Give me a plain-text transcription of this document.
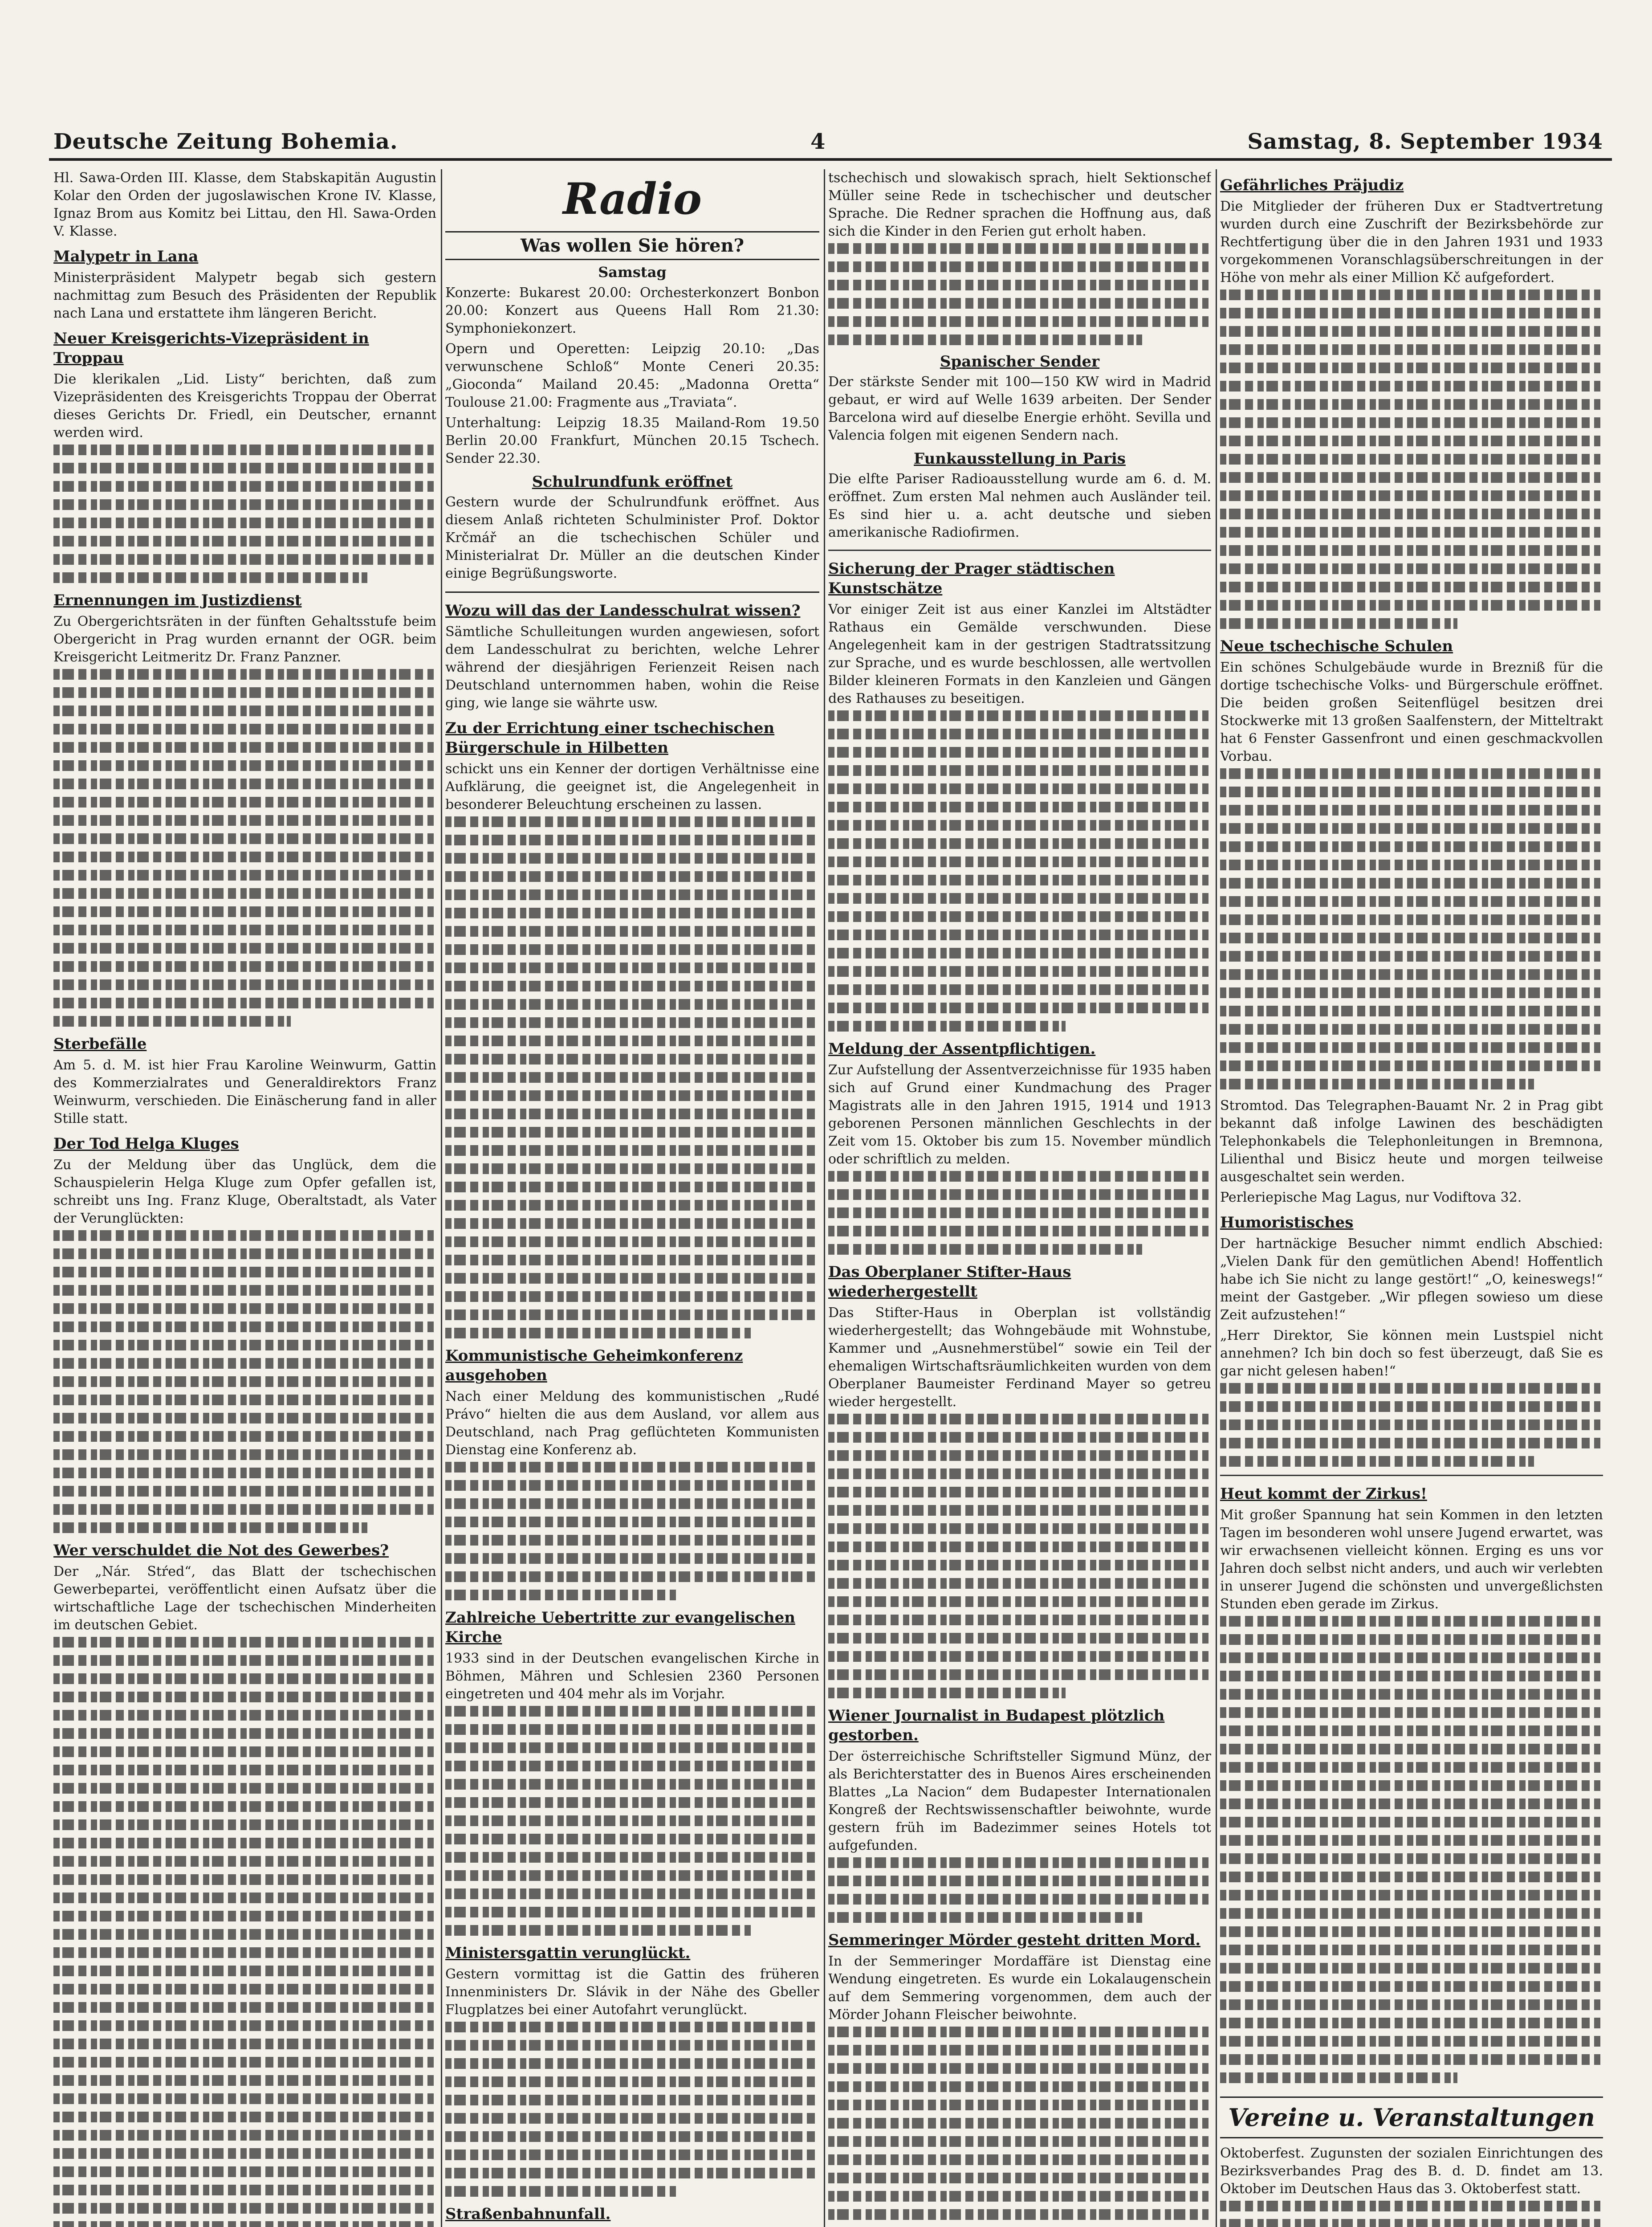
Deutsche Zeitung Bohemia.	4	Samstag, 8. September 1934

Hl. Sawa-Orden III. Klasse, dem Stabskapitän Augustin Kolar den Orden der jugoslawischen Krone IV. Klasse, Ignaz Brom aus Komitz bei Littau, den Hl. Sawa-Orden V. Klasse.

Malypetr in Lana

Ministerpräsident Malypetr begab sich gestern nachmittag zum Besuch des Präsidenten der Republik nach Lana und erstattete ihm längeren Bericht.

Neuer Kreisgerichts-Vizepräsident in Troppau

Die klerikalen „Lid. Listy“ berichten, daß zum Vizepräsidenten des Kreisgerichts Troppau der Oberrat dieses Gerichts Dr. Friedl, ein Deutscher, ernannt werden wird.

Ernennungen im Justizdienst

Zu Obergerichtsräten in der fünften Gehaltsstufe beim Obergericht in Prag wurden ernannt der OGR. beim Kreisgericht Leitmeritz Dr. Franz Panzner.

Sterbefälle

Am 5. d. M. ist hier Frau Karoline Weinwurm, Gattin des Kommerzialrates und Generaldirektors Franz Weinwurm, verschieden. Die Einäscherung fand in aller Stille statt.

Der Tod Helga Kluges

Zu der Meldung über das Unglück, dem die Schauspielerin Helga Kluge zum Opfer gefallen ist, schreibt uns Ing. Franz Kluge, Oberaltstadt, als Vater der Verunglückten:

Wer verschuldet die Not des Gewerbes?

Der „Nár. Stŕed“, das Blatt der tschechischen Gewerbepartei, veröffentlicht einen Aufsatz über die wirtschaftliche Lage der tschechischen Minderheiten im deutschen Gebiet.

Radio
Was wollen Sie hören?
Samstag

Konzerte: Bukarest 20.00: Orchesterkonzert Bonbon 20.00: Konzert aus Queens Hall Rom 21.30: Symphoniekonzert.

Opern und Operetten: Leipzig 20.10: „Das verwunschene Schloß“ Monte Ceneri 20.35: „Gioconda“ Mailand 20.45: „Madonna Oretta“ Toulouse 21.00: Fragmente aus „Traviata“.

Unterhaltung: Leipzig 18.35 Mailand-Rom 19.50 Berlin 20.00 Frankfurt, München 20.15 Tschech. Sender 22.30.

Schulrundfunk eröffnet

Gestern wurde der Schulrundfunk eröffnet. Aus diesem Anlaß richteten Schulminister Prof. Doktor Krčmář an die tschechischen Schüler und Ministerialrat Dr. Müller an die deutschen Kinder einige Begrüßungsworte.

Wozu will das der Landesschulrat wissen?

Sämtliche Schulleitungen wurden angewiesen, sofort dem Landesschulrat zu berichten, welche Lehrer während der diesjährigen Ferienzeit Reisen nach Deutschland unternommen haben, wohin die Reise ging, wie lange sie währte usw.

Zu der Errichtung einer tschechischen Bürgerschule in Hilbetten

schickt uns ein Kenner der dortigen Verhältnisse eine Aufklärung, die geeignet ist, die Angelegenheit in besonderer Beleuchtung erscheinen zu lassen.

Kommunistische Geheimkonferenz ausgehoben

Nach einer Meldung des kommunistischen „Rudé Právo“ hielten die aus dem Ausland, vor allem aus Deutschland, nach Prag geflüchteten Kommunisten Dienstag eine Konferenz ab.

Zahlreiche Uebertritte zur evangelischen Kirche

1933 sind in der Deutschen evangelischen Kirche in Böhmen, Mähren und Schlesien 2360 Personen eingetreten und 404 mehr als im Vorjahr.

Ministersgattin verunglückt.

Gestern vormittag ist die Gattin des früheren Innenministers Dr. Slávik in der Nähe des Gbeller Flugplatzes bei einer Autofahrt verunglückt.

Straßenbahnunfall.

tschechisch und slowakisch sprach, hielt Sektionschef Müller seine Rede in tschechischer und deutscher Sprache. Die Redner sprachen die Hoffnung aus, daß sich die Kinder in den Ferien gut erholt haben.

Spanischer Sender

Der stärkste Sender mit 100—150 KW wird in Madrid gebaut, er wird auf Welle 1639 arbeiten. Der Sender Barcelona wird auf dieselbe Energie erhöht. Sevilla und Valencia folgen mit eigenen Sendern nach.

Funkausstellung in Paris

Die elfte Pariser Radioausstellung wurde am 6. d. M. eröffnet. Zum ersten Mal nehmen auch Ausländer teil. Es sind hier u. a. acht deutsche und sieben amerikanische Radiofirmen.

Sicherung der Prager städtischen Kunstschätze

Vor einiger Zeit ist aus einer Kanzlei im Altstädter Rathaus ein Gemälde verschwunden. Diese Angelegenheit kam in der gestrigen Stadtratssitzung zur Sprache, und es wurde beschlossen, alle wertvollen Bilder kleineren Formats in den Kanzleien und Gängen des Rathauses zu beseitigen.

Meldung der Assentpflichtigen.

Zur Aufstellung der Assentverzeichnisse für 1935 haben sich auf Grund einer Kundmachung des Prager Magistrats alle in den Jahren 1915, 1914 und 1913 geborenen Personen männlichen Geschlechts in der Zeit vom 15. Oktober bis zum 15. November mündlich oder schriftlich zu melden.

Das Oberplaner Stifter-Haus wiederhergestellt

Das Stifter-Haus in Oberplan ist vollständig wiederhergestellt; das Wohngebäude mit Wohnstube, Kammer und „Ausnehmerstübel“ sowie ein Teil der ehemaligen Wirtschaftsräumlichkeiten wurden von dem Oberplaner Baumeister Ferdinand Mayer so getreu wieder hergestellt.

Wiener Journalist in Budapest plötzlich gestorben.

Der österreichische Schriftsteller Sigmund Münz, der als Berichterstatter des in Buenos Aires erscheinenden Blattes „La Nacion“ dem Budapester Internationalen Kongreß der Rechtswissenschaftler beiwohnte, wurde gestern früh im Badezimmer seines Hotels tot aufgefunden.

Semmeringer Mörder gesteht dritten Mord.

In der Semmeringer Mordaffäre ist Dienstag eine Wendung eingetreten. Es wurde ein Lokalaugenschein auf dem Semmering vorgenommen, dem auch der Mörder Johann Fleischer beiwohnte.

Gefährliches Präjudiz

Die Mitglieder der früheren Dux er Stadtvertretung wurden durch eine Zuschrift der Bezirksbehörde zur Rechtfertigung über die in den Jahren 1931 und 1933 vorgekommenen Voranschlagsüberschreitungen in der Höhe von mehr als einer Million Kč aufgefordert.

Neue tschechische Schulen

Ein schönes Schulgebäude wurde in Brezniß für die dortige tschechische Volks- und Bürgerschule eröffnet. Die beiden großen Seitenflügel besitzen drei Stockwerke mit 13 großen Saalfenstern, der Mitteltrakt hat 6 Fenster Gassenfront und einen geschmackvollen Vorbau.

Stromtod. Das Telegraphen-Bauamt Nr. 2 in Prag gibt bekannt daß infolge Lawinen des beschädigten Telephonkabels die Telephonleitungen in Bremnona, Lilienthal und Bisicz heute und morgen teilweise ausgeschaltet sein werden.

Perleriepische Mag Lagus, nur Vodiftova 32.

Humoristisches

Der hartnäckige Besucher nimmt endlich Abschied: „Vielen Dank für den gemütlichen Abend! Hoffentlich habe ich Sie nicht zu lange gestört!“ „O, keineswegs!“ meint der Gastgeber. „Wir pflegen sowieso um diese Zeit aufzustehen!“

„Herr Direktor, Sie können mein Lustspiel nicht annehmen? Ich bin doch so fest überzeugt, daß Sie es gar nicht gelesen haben!“

Heut kommt der Zirkus!

Mit großer Spannung hat sein Kommen in den letzten Tagen im besonderen wohl unsere Jugend erwartet, was wir erwachsenen vielleicht können. Erging es uns vor Jahren doch selbst nicht anders, und auch wir verlebten in unserer Jugend die schönsten und unvergeßlichsten Stunden eben gerade im Zirkus.

Vereine u. Veranstaltungen

Oktoberfest. Zugunsten der sozialen Einrichtungen des Bezirksverbandes Prag des B. d. D. findet am 13. Oktober im Deutschen Haus das 3. Oktoberfest statt.
